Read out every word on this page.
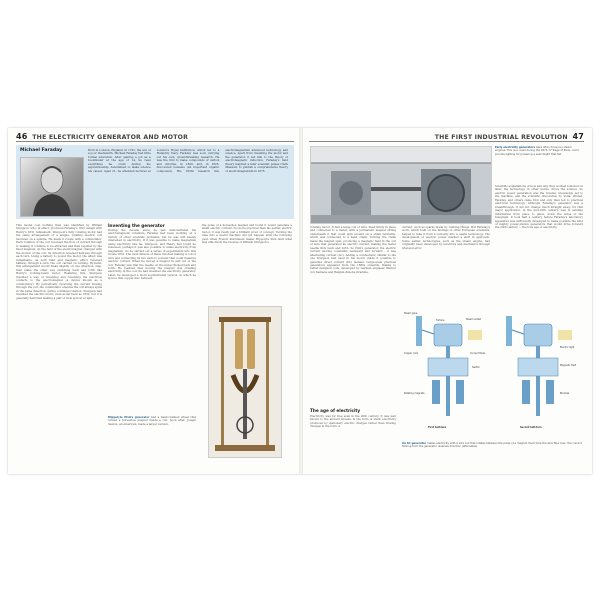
46 THE ELECTRICITY GENERATOR AND MOTOR
Michael Faraday	Born in London, England, in 1791, the son of a poor blacksmith, Michael Faraday had little formal education. After gaining a job as a bookbinder at the age of 14, he read everything he could during his apprenticeship, determined to make science his career. Aged 21, he attended lectures at London's Royal Institution, which led to a Humphry Davy. Faraday was soon carrying out his own, groundbreaking research. He was the first to make compounds of carbon and chlorine, in 1820, and, in 1825, discovered benzene (an important organic compound). His 1830s research into electromagnetism advanced technology and science. Apart from inventing the motor and the generator, it led him to the theory of electromagnetic induction. Faraday's field theory inspired a later scientist, James Clerk Maxwell, to publish a comprehensive theory of electromagnetism in 1873.
This model cost nothing then was identified by William Sturgeon, who, in effect, produced Faraday's 1821 design with Henry's 1831 refinement. Sturgeon's fully rotating motor had the same arrangement of a simple, rotating electric coil mounted on a spindle. He made it rotate with a commutator. Each rotation of the coil reversed the flow of current through it, making it continue to be attracted and then repelled by the fixed magnets. As the field of the electromagnet changed with the motion of the coil, its direction reversed half-way through each turn. Using a battery to power the motor, the effect was remarkable. As both field and magnetic effect reversed halfway through a turn, the coil carried on turning. By-hand, this arrangement would make slightly on one direction, step, then make the other way switching back and forth like Henry's rocking-beam motor. Realizing this, Sturgeon invented a way of reversing and reversing the electrical contacts to the electromagnet (a device known as a commutator). By periodically reversing the current flowing through the coil, the commutator ensures the coil always spins in the same direction, giving continual rotation. Sturgeon had invented the electric motor, even as far back as 1832, but it is generally held that making a pair of rival spin at a right...
Inventing the generator
During the decade since he last demonstrated his electromagnetic rotations, Faraday had been working on a variety of other scientific problems, but he was still keenly interested in electricity. If it was possible to make magnetism using electricity like he, Sturgeon, and Henry had found he reasoned, perhaps it was also possible to make electricity from magnetism. So he carried out a series of experiments into this in late 1831. The most famous of these involved making a coil of wire and connecting its two ends to a meter that could measure electric current. When he moved a magnet in and out of the coil, Faraday saw that the needle on the meter flicked back and forth. He realized that moving the magnet was creating electricity in the coil; he had invented the electricity generator. Later, he developed a more sophisticated version, in which he spun a thin copper disc between
Hippolyte Pixii's generator had a hand-cranked wheel that turned a horseshoe magnet inside a coil. Soon after, Joseph Saxton, an American, made a larger version.
the poles of a horseshoe magnet and found it would generate a small electric current. No more practical than his earlier electric motor, it was really just a brilliant proof of concept. Turning the idea into a useful machine did not happen until the following year, when French instrument maker Hippolyte Pixii built what was effectively the reverse of William Sturgeon's
THE FIRST INDUSTRIAL REVOLUTION 47
Early electricity generators were often driven by steam engines. This one, used during the 1875-77 Siege of Paris, could provide lighting for powering a searchlight that fell.
Scientific explanations of how and why they worked followed on later, the technology, in other words, drove the science. So electric power generation was the reverse: knowledge led to the machine, and the scientific discoveries by Volta, Ørsted, Faraday, and others came first and only then led to practical electrical technology. Although Faraday's generator was a breakthrough, it did not change much straight away; for that major application, in the mid-19th century, was in sending information from place to place, down the wires of the telegraph. It took half a century before Faraday's laboratory apparatus was sufficiently developed to make possible the kind of mighty power-station generators that would drive forward the 20th century — the true age of electricity.
rotating motor. It had a large coil of wire, fixed firmly in place and connected to a meter, with a permanent magnet sitting underneath it that could spin around on a small turntable, which was connected to a hand crank. Turning the crank made the magnet spin, producing a magnetic field in the coil of wire that generated an electric current, making the meter needle flick back and forth. So Pixii's generator, the electric current moving constantly backward and forward - it was alternating current (AC). Adding a commutator, similar to the one Sturgeon had used in his motor, made it possible to generate direct current (DC) instead. Large-scale practical generators appeared from the 1860s onwards, thanks to better-designed coils, developed by German engineer Werner von Siemens and Belgian Zénobe Gramme.
The age of electricity
Electricity was for free even in the 20th century. It was well known to the ancient Greeks, in the form of static electricity produced by stationary electric charges rather than flowing charges in the form of
current, such as sparks made by rubbing things. But Faraday's work, which built on the findings of other European scientists, helped to take it from a curiosity into a useful technology. The development of electric power marked a shift in approach. Some earlier technologies, such as the steam engine, had originally been developed by inventors and mechanics through trial and error.
Steam pipe
Turbine	Steam outlet
Copper coils	Current flows
Electric light
Switch
Magnetic field
Rotating magnets	Brushes
First half-turn	Second half-turn
An AC generator makes electricity with a wire coil that rotates between the poles of a magnet. Each time the wire flips over, the current flowing from the generator reverses direction (alternates).
